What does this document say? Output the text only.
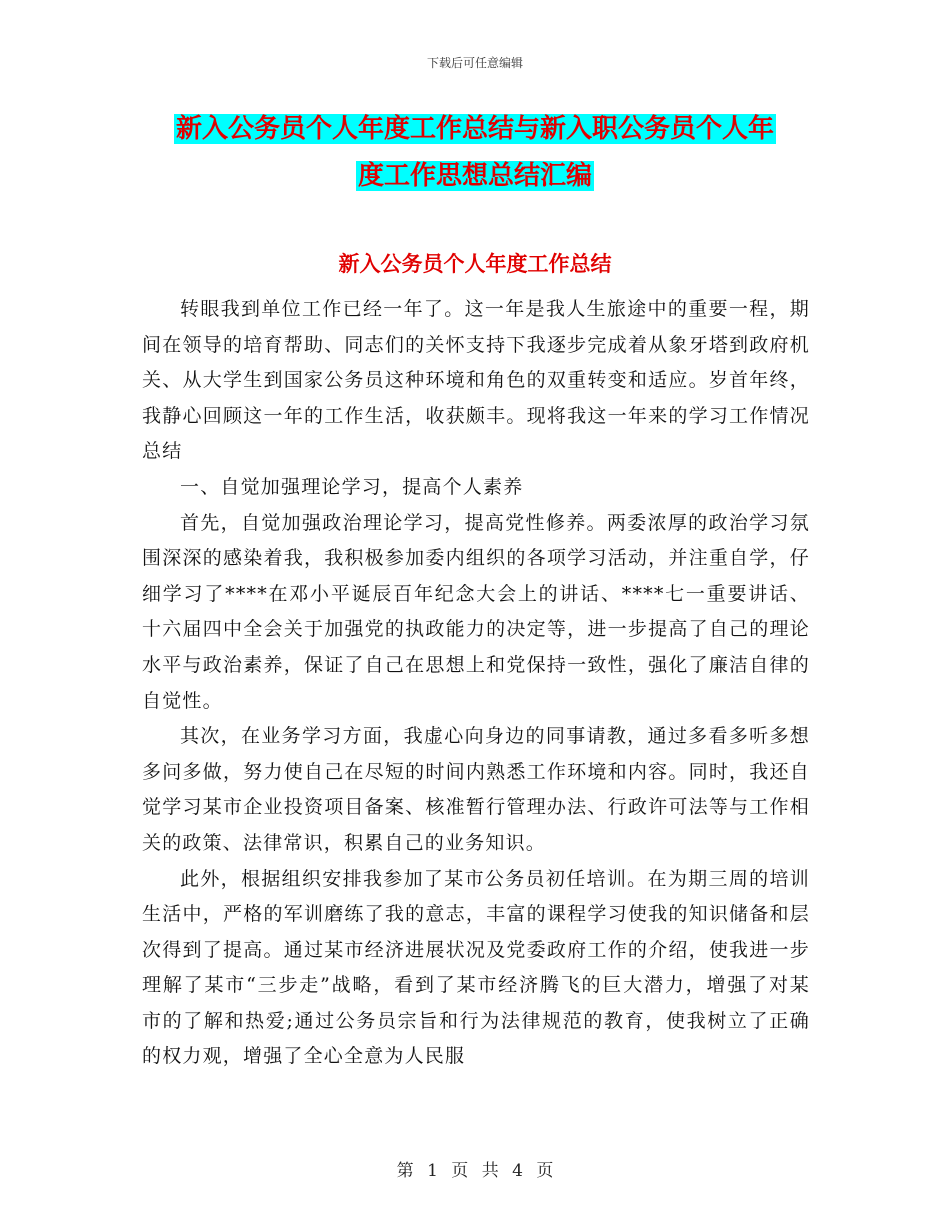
下载后可任意编辑
新入公务员个人年度工作总结与新入职公务员个人年
度工作思想总结汇编
新入公务员个人年度工作总结

转眼我到单位工作已经一年了。这一年是我人生旅途中的重要一程，期间在领导的培育帮助、同志们的关怀支持下我逐步完成着从象牙塔到政府机关、从大学生到国家公务员这种环境和角色的双重转变和适应。岁首年终，我静心回顾这一年的工作生活，收获颇丰。现将我这一年来的学习工作情况总结

一、自觉加强理论学习，提高个人素养

首先，自觉加强政治理论学习，提高党性修养。两委浓厚的政治学习氛围深深的感染着我，我积极参加委内组织的各项学习活动，并注重自学，仔细学习了****在邓小平诞辰百年纪念大会上的讲话、****七一重要讲话、十六届四中全会关于加强党的执政能力的决定等，进一步提高了自己的理论水平与政治素养，保证了自己在思想上和党保持一致性，强化了廉洁自律的自觉性。

其次，在业务学习方面，我虚心向身边的同事请教，通过多看多听多想多问多做，努力使自己在尽短的时间内熟悉工作环境和内容。同时，我还自觉学习某市企业投资项目备案、核准暂行管理办法、行政许可法等与工作相关的政策、法律常识，积累自己的业务知识。

此外，根据组织安排我参加了某市公务员初任培训。在为期三周的培训生活中，严格的军训磨练了我的意志，丰富的课程学习使我的知识储备和层次得到了提高。通过某市经济进展状况及党委政府工作的介绍，使我进一步理解了某市“三步走”战略，看到了某市经济腾飞的巨大潜力，增强了对某市的了解和热爱;通过公务员宗旨和行为法律规范的教育，使我树立了正确的权力观，增强了全心全意为人民服

第 1 页 共 4 页
